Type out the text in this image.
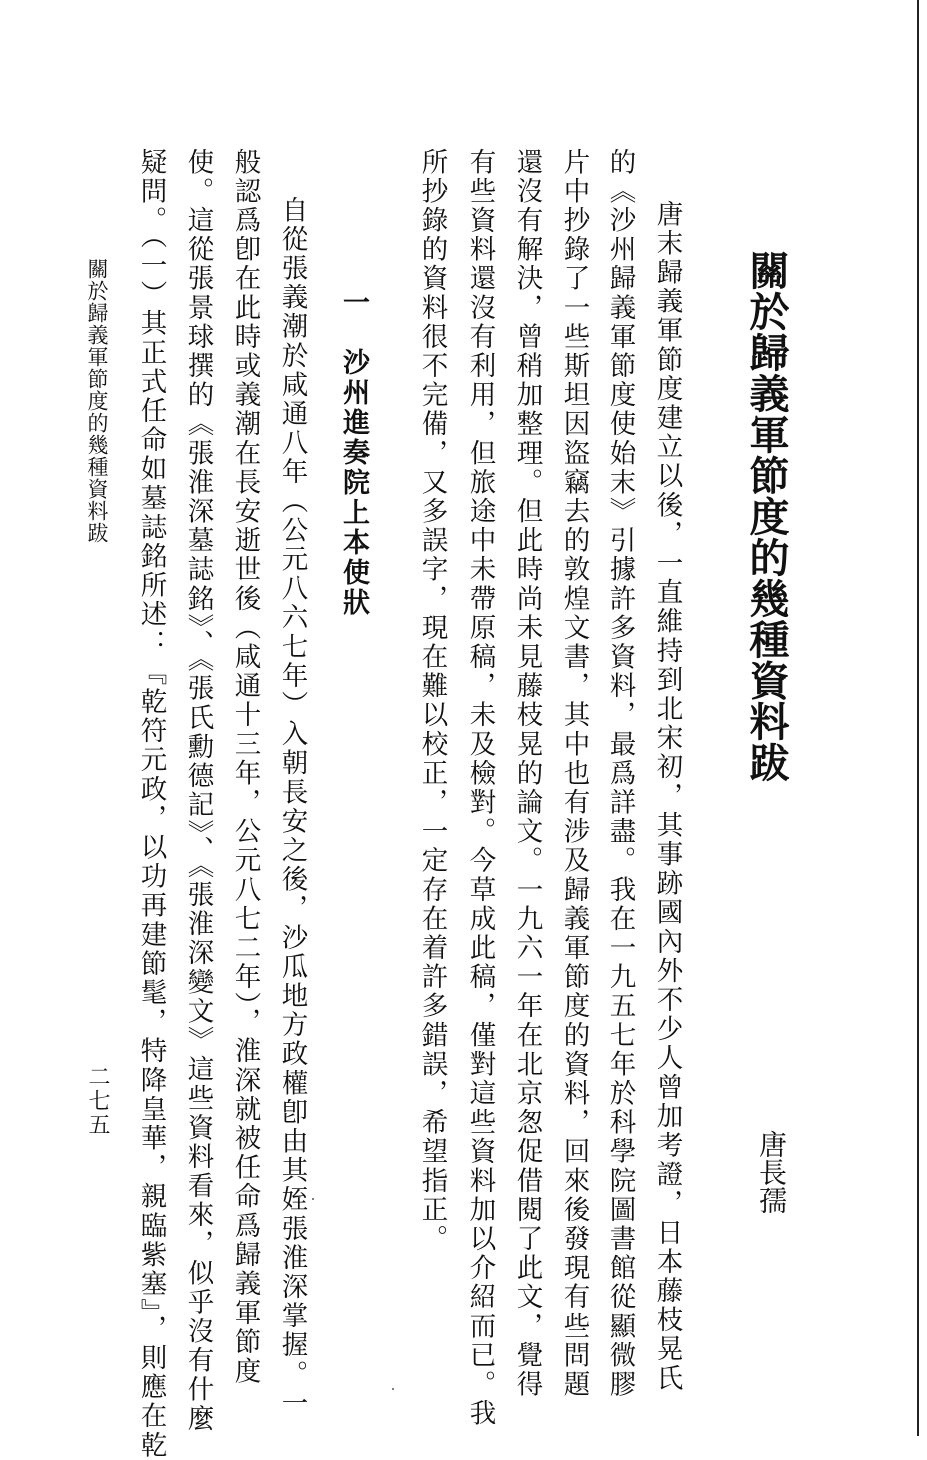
關於歸義軍節度的幾種資料跋
唐長孺
唐末歸義軍節度建立以後，一直維持到北宋初，其事跡國內外不少人曾加考證，日本藤枝晃氏
的《沙州歸義軍節度使始末》引據許多資料，最爲詳盡。我在一九五七年於科學院圖書館從顯微膠
片中抄錄了一些斯坦因盜竊去的敦煌文書，其中也有涉及歸義軍節度的資料，回來後發現有些問題
還沒有解決，曾稍加整理。但此時尚未見藤枝晃的論文。一九六一年在北京怱促借閱了此文，覺得
有些資料還沒有利用，但旅途中未帶原稿，未及檢對。今草成此稿，僅對這些資料加以介紹而已。我
所抄錄的資料很不完備，又多誤字，現在難以校正，一定存在着許多錯誤，希望指正。
一　沙州進奏院上本使狀
自從張義潮於咸通八年（公元八六七年）入朝長安之後，沙瓜地方政權卽由其姪張淮深掌握。一
般認爲卽在此時或義潮在長安逝世後（咸通十三年，公元八七二年），淮深就被任命爲歸義軍節度
使。這從張景球撰的《張淮深墓誌銘》、《張氏勳德記》、《張淮深變文》這些資料看來，似乎沒有什麼
疑問。（一）其正式任命如墓誌銘所述：『乾符元政，以功再建節髦，特降皇華，親臨紫塞』，則應在乾
關於歸義軍節度的幾種資料跋
二七五
